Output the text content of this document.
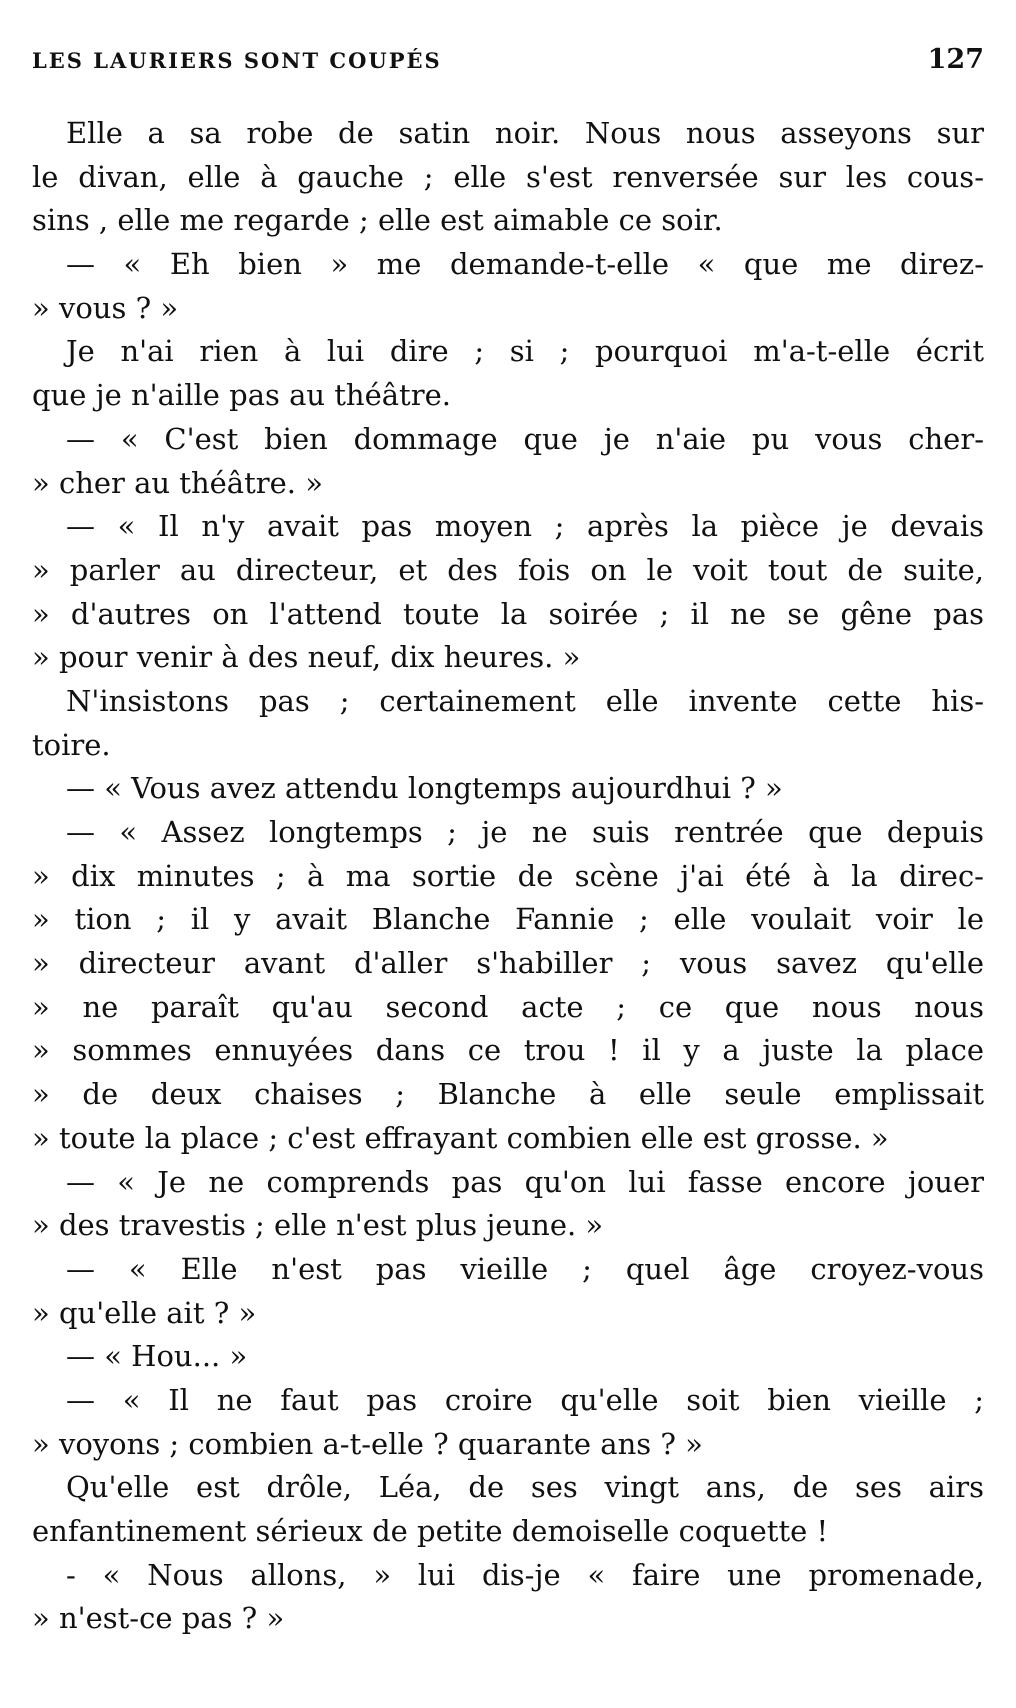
LES LAURIERS SONT COUPÉS	127
Elle a sa robe de satin noir. Nous nous asseyons sur
le divan, elle à gauche ; elle s'est renversée sur les cous-
sins , elle me regarde ; elle est aimable ce soir.
— « Eh bien » me demande-t-elle « que me direz-
» vous ? »
Je n'ai rien à lui dire ; si ; pourquoi m'a-t-elle écrit
que je n'aille pas au théâtre.
— « C'est bien dommage que je n'aie pu vous cher-
» cher au théâtre. »
— « Il n'y avait pas moyen ; après la pièce je devais
» parler au directeur, et des fois on le voit tout de suite,
» d'autres on l'attend toute la soirée ; il ne se gêne pas
» pour venir à des neuf, dix heures. »
N'insistons pas ; certainement elle invente cette his-
toire.
— « Vous avez attendu longtemps aujourdhui ? »
— « Assez longtemps ; je ne suis rentrée que depuis
» dix minutes ; à ma sortie de scène j'ai été à la direc-
» tion ; il y avait Blanche Fannie ; elle voulait voir le
» directeur avant d'aller s'habiller ; vous savez qu'elle
» ne paraît qu'au second acte ; ce que nous nous
» sommes ennuyées dans ce trou ! il y a juste la place
» de deux chaises ; Blanche à elle seule emplissait
» toute la place ; c'est effrayant combien elle est grosse. »
— « Je ne comprends pas qu'on lui fasse encore jouer
» des travestis ; elle n'est plus jeune. »
— « Elle n'est pas vieille ; quel âge croyez-vous
» qu'elle ait ? »
— « Hou... »
— « Il ne faut pas croire qu'elle soit bien vieille ;
» voyons ; combien a-t-elle ? quarante ans ? »
Qu'elle est drôle, Léa, de ses vingt ans, de ses airs
enfantinement sérieux de petite demoiselle coquette !
- « Nous allons, » lui dis-je « faire une promenade,
» n'est-ce pas ? »
